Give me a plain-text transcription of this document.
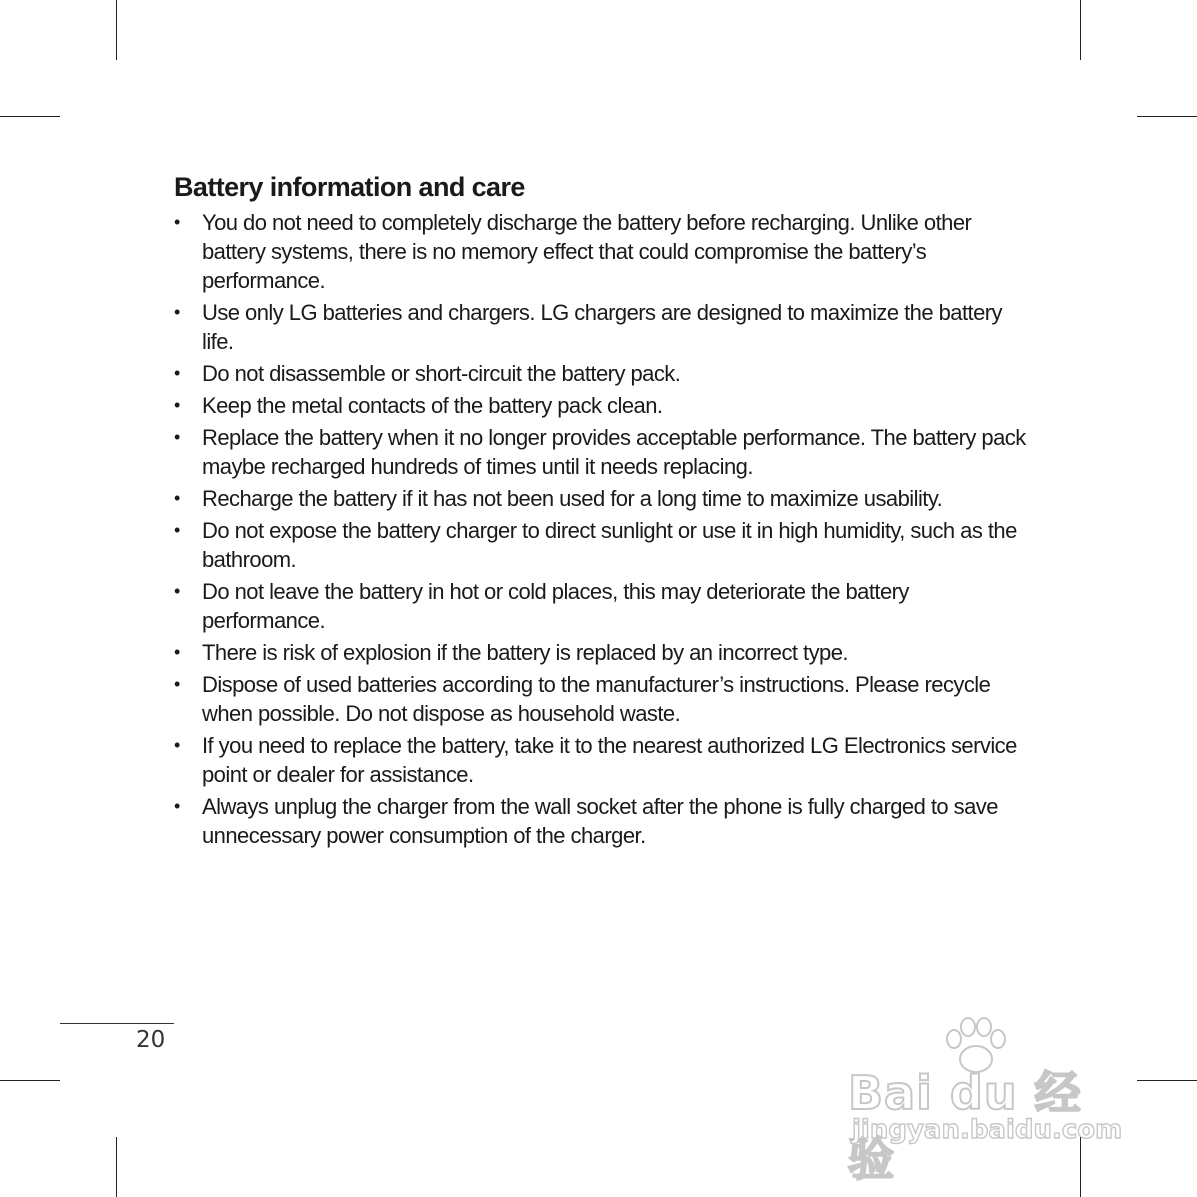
Battery information and care
• You do not need to completely discharge the battery before recharging. Unlike other battery systems, there is no memory effect that could compromise the battery’s performance.
• Use only LG batteries and chargers. LG chargers are designed to maximize the battery life.
• Do not disassemble or short-circuit the battery pack.
• Keep the metal contacts of the battery pack clean.
• Replace the battery when it no longer provides acceptable performance. The battery pack maybe recharged hundreds of times until it needs replacing.
• Recharge the battery if it has not been used for a long time to maximize usability.
• Do not expose the battery charger to direct sunlight or use it in high humidity, such as the bathroom.
• Do not leave the battery in hot or cold places, this may deteriorate the battery performance.
• There is risk of explosion if the battery is replaced by an incorrect type.
• Dispose of used batteries according to the manufacturer’s instructions. Please recycle when possible. Do not dispose as household waste.
• If you need to replace the battery, take it to the nearest authorized LG Electronics service point or dealer for assistance.
• Always unplug the charger from the wall socket after the phone is fully charged to save unnecessary power consumption of the charger.
20
Bai du 经验
jingyan.baidu.com
